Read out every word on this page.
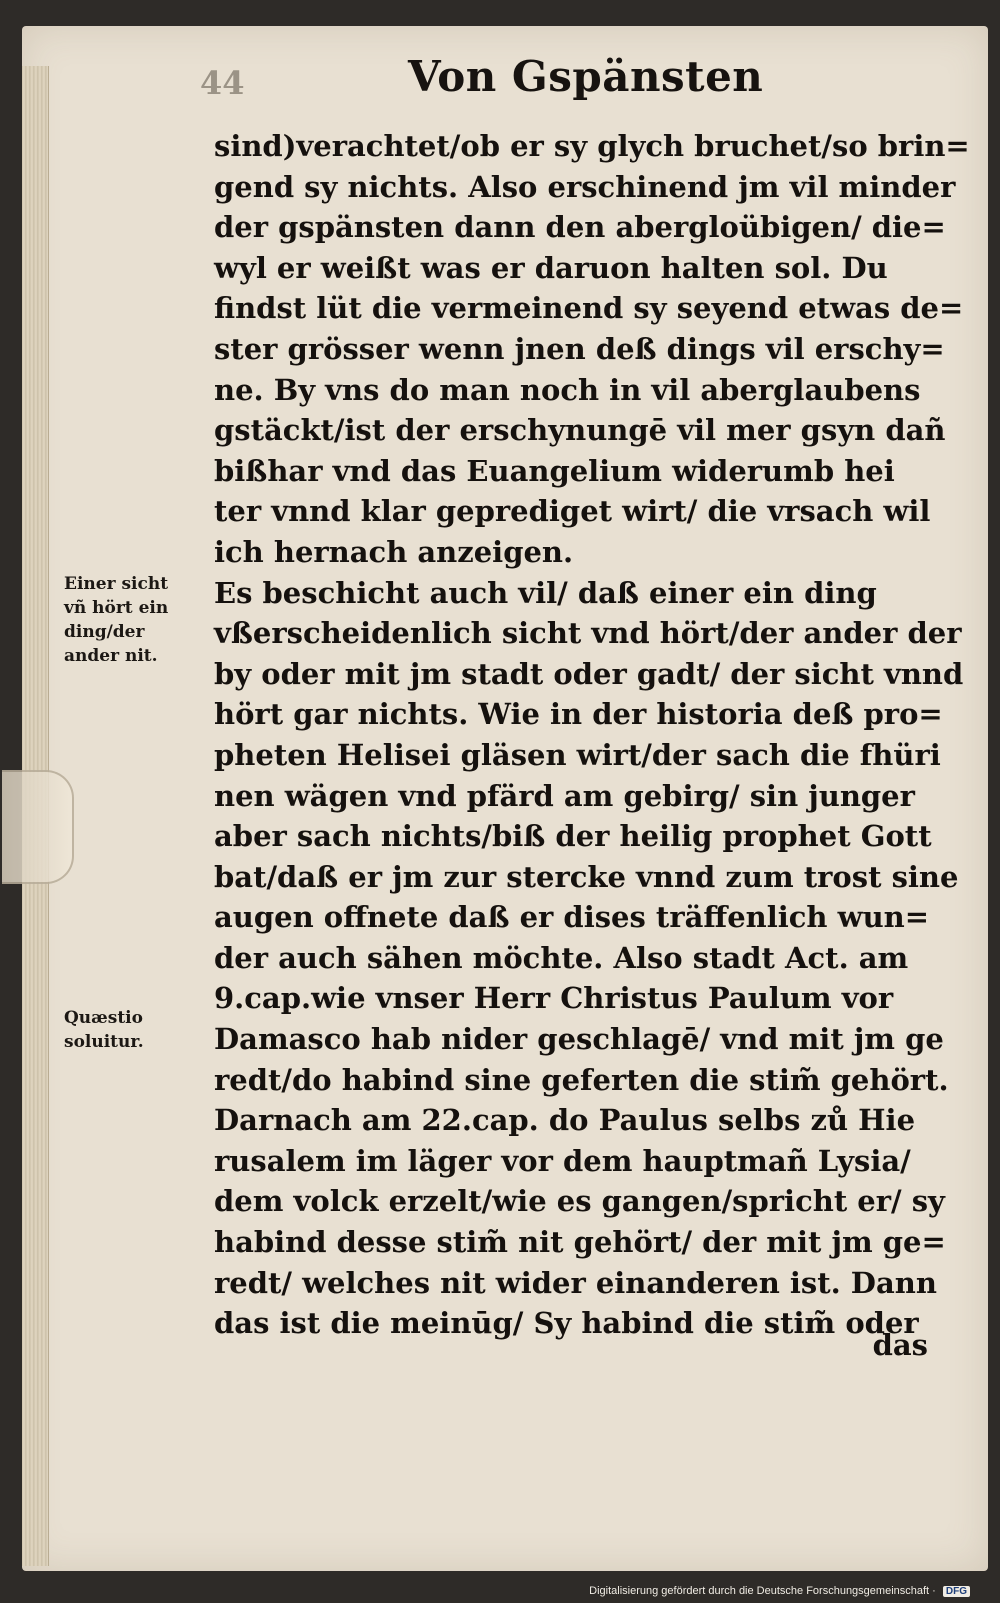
44	Von Gspänsten
sind)verachtet/ob er sy glych bruchet/so brin=
gend sy nichts. Also erschinend jm vil minder
der gspänsten dann den abergloübigen/ die=
wyl er weißt was er daruon halten sol. Du
findst lüt die vermeinend sy seyend etwas de=
ster grösser wenn jnen deß dings vil erschy=
ne. By vns do man noch in vil aberglaubens
gstäckt/ist der erschynungē vil mer gsyn dañ
bißhar vnd das Euangelium widerumb hei
ter vnnd klar geprediget wirt/ die vrsach wil
ich hernach anzeigen.
Es beschicht auch vil/ daß einer ein ding
vßerscheidenlich sicht vnd hört/der ander der
by oder mit jm stadt oder gadt/ der sicht vnnd
hört gar nichts. Wie in der historia deß pro=
pheten Helisei gläsen wirt/der sach die fhüri
nen wägen vnd pfärd am gebirg/ sin junger
aber sach nichts/biß der heilig prophet Gott
bat/daß er jm zur stercke vnnd zum trost sine
augen offnete daß er dises träffenlich wun=
der auch sähen möchte. Also stadt Act. am
9.cap.wie vnser Herr Christus Paulum vor
Damasco hab nider geschlagē/ vnd mit jm ge
redt/do habind sine geferten die stim̃ gehört.
Darnach am 22.cap. do Paulus selbs zů Hie
rusalem im läger vor dem hauptmañ Lysia/
dem volck erzelt/wie es gangen/spricht er/ sy
habind desse stim̃ nit gehört/ der mit jm ge=
redt/ welches nit wider einanderen ist. Dann
das ist die meinūg/ Sy habind die stim̃ oder
das
Einer sicht
vñ hört ein
ding/der
ander nit.
Quæstio
soluitur.
Digitalisierung gefördert durch die Deutsche Forschungsgemeinschaft · DFG
